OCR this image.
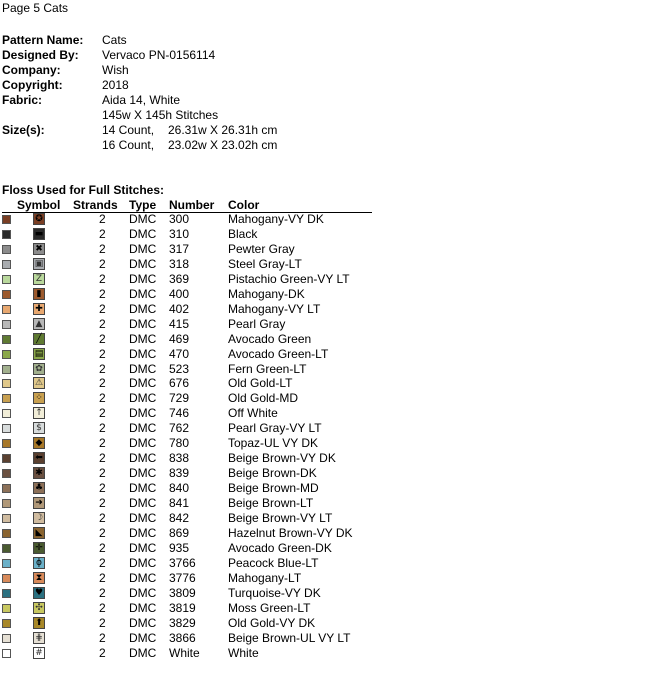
Page 5 Cats
Pattern Name: Cats
Designed By: Vervaco PN-0156114
Company:	Wish
Copyright:	2018
Fabric:	Aida 14, White
145w X 145h Stitches
Size(s):	14 Count, 26.31w X 26.31h cm
16 Count, 23.02w X 23.02h cm
Floss Used for Full Stitches:
Symbol Strands Type Number Color
✪	2 DMC 300	Mahogany-VY DK
▬	2 DMC 310	Black
✖	2 DMC 317	Pewter Gray
▣	2 DMC 318	Steel Gray-LT
Z	2 DMC 369	Pistachio Green-VY LT
▮	2 DMC 400	Mahogany-DK
✚	2 DMC 402	Mahogany-VY LT
▲	2 DMC 415	Pearl Gray
╱	2 DMC 469	Avocado Green
▤	2 DMC 470	Avocado Green-LT
✿	2 DMC 523	Fern Green-LT
⚠	2 DMC 676	Old Gold-LT
⁘	2 DMC 729	Old Gold-MD
↑	2 DMC 746	Off White
$	2 DMC 762	Pearl Gray-VY LT
◆	2 DMC 780	Topaz-UL VY DK
⬅	2 DMC 838	Beige Brown-VY DK
✱	2 DMC 839	Beige Brown-DK
♣	2 DMC 840	Beige Brown-MD
➜	2 DMC 841	Beige Brown-LT
☽	2 DMC 842	Beige Brown-VY LT
◣	2 DMC 869	Hazelnut Brown-VY DK
✛	2 DMC 935	Avocado Green-DK
ϕ	2 DMC 3766	Peacock Blue-LT
⧗	2 DMC 3776	Mahogany-LT
♥	2 DMC 3809	Turquoise-VY DK
✣	2 DMC 3819	Moss Green-LT
⬆	2 DMC 3829	Old Gold-VY DK
⋕	2 DMC 3866	Beige Brown-UL VY LT
#	2 DMC White White
